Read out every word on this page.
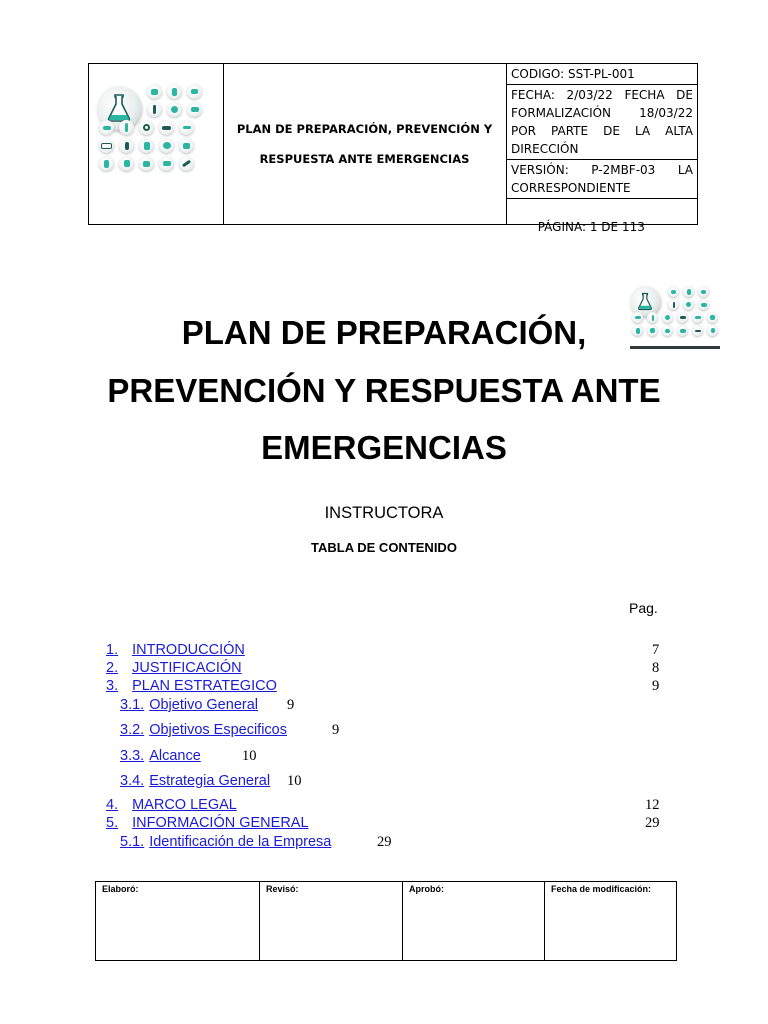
PLAN DE PREPARACIÓN, PREVENCIÓN Y
RESPUESTA ANTE EMERGENCIAS
CODIGO: SST-PL-001
FECHA: 2/03/22 FECHA DE
FORMALIZACIÓN 18/03/22
POR PARTE DE LA ALTA
DIRECCIÓN
VERSIÓN: P-2MBF-03 LA
CORRESPONDIENTE

PÁGINA: 1 DE 113

PLAN DE PREPARACIÓN,
PREVENCIÓN Y RESPUESTA ANTE
EMERGENCIAS
INSTRUCTORA
TABLA DE CONTENIDO
Pag.
1. INTRODUCCIÓN	7
2. JUSTIFICACIÓN	8
3. PLAN ESTRATEGICO	9
3.1. Objetivo General 9
3.2. Objetivos Especificos	9
3.3. Alcance	10
3.4. Estrategia General 10
4. MARCO LEGAL	12
5. INFORMACIÓN GENERAL	29
5.1. Identificación de la Empresa	29
Elaboró:	Revisó:	Aprobó:	Fecha de modificación:
